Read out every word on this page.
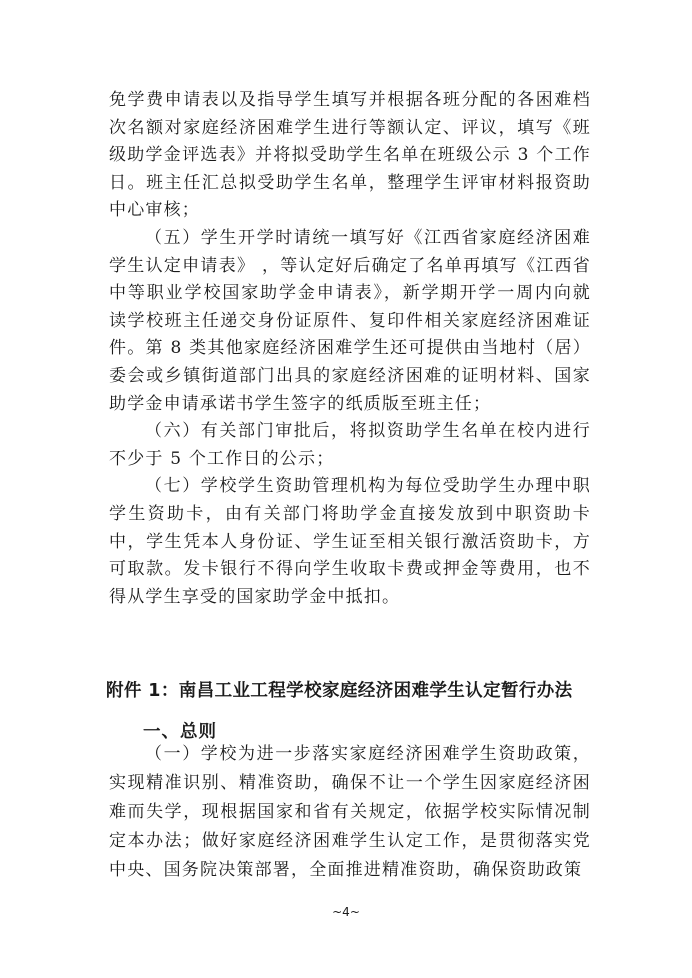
免学费申请表以及指导学生填写并根据各班分配的各困难档次名额对家庭经济困难学生进行等额认定、评议，填写《班级助学金评选表》并将拟受助学生名单在班级公示 3 个工作日。班主任汇总拟受助学生名单，整理学生评审材料报资助中心审核；

（五）学生开学时请统一填写好《江西省家庭经济困难学生认定申请表》 ，等认定好后确定了名单再填写《江西省中等职业学校国家助学金申请表》，新学期开学一周内向就读学校班主任递交身份证原件、复印件相关家庭经济困难证件。第 8 类其他家庭经济困难学生还可提供由当地村（居）委会或乡镇街道部门出具的家庭经济困难的证明材料、国家助学金申请承诺书学生签字的纸质版至班主任；

（六）有关部门审批后，将拟资助学生名单在校内进行不少于 5 个工作日的公示；

（七）学校学生资助管理机构为每位受助学生办理中职学生资助卡，由有关部门将助学金直接发放到中职资助卡中，学生凭本人身份证、学生证至相关银行激活资助卡，方可取款。发卡银行不得向学生收取卡费或押金等费用，也不得从学生享受的国家助学金中抵扣。

附件 1：南昌工业工程学校家庭经济困难学生认定暂行办法
一、总则

（一）学校为进一步落实家庭经济困难学生资助政策，实现精准识别、精准资助，确保不让一个学生因家庭经济困难而失学，现根据国家和省有关规定，依据学校实际情况制定本办法；做好家庭经济困难学生认定工作，是贯彻落实党中央、国务院决策部署，全面推进精准资助，确保资助政策

~4~
